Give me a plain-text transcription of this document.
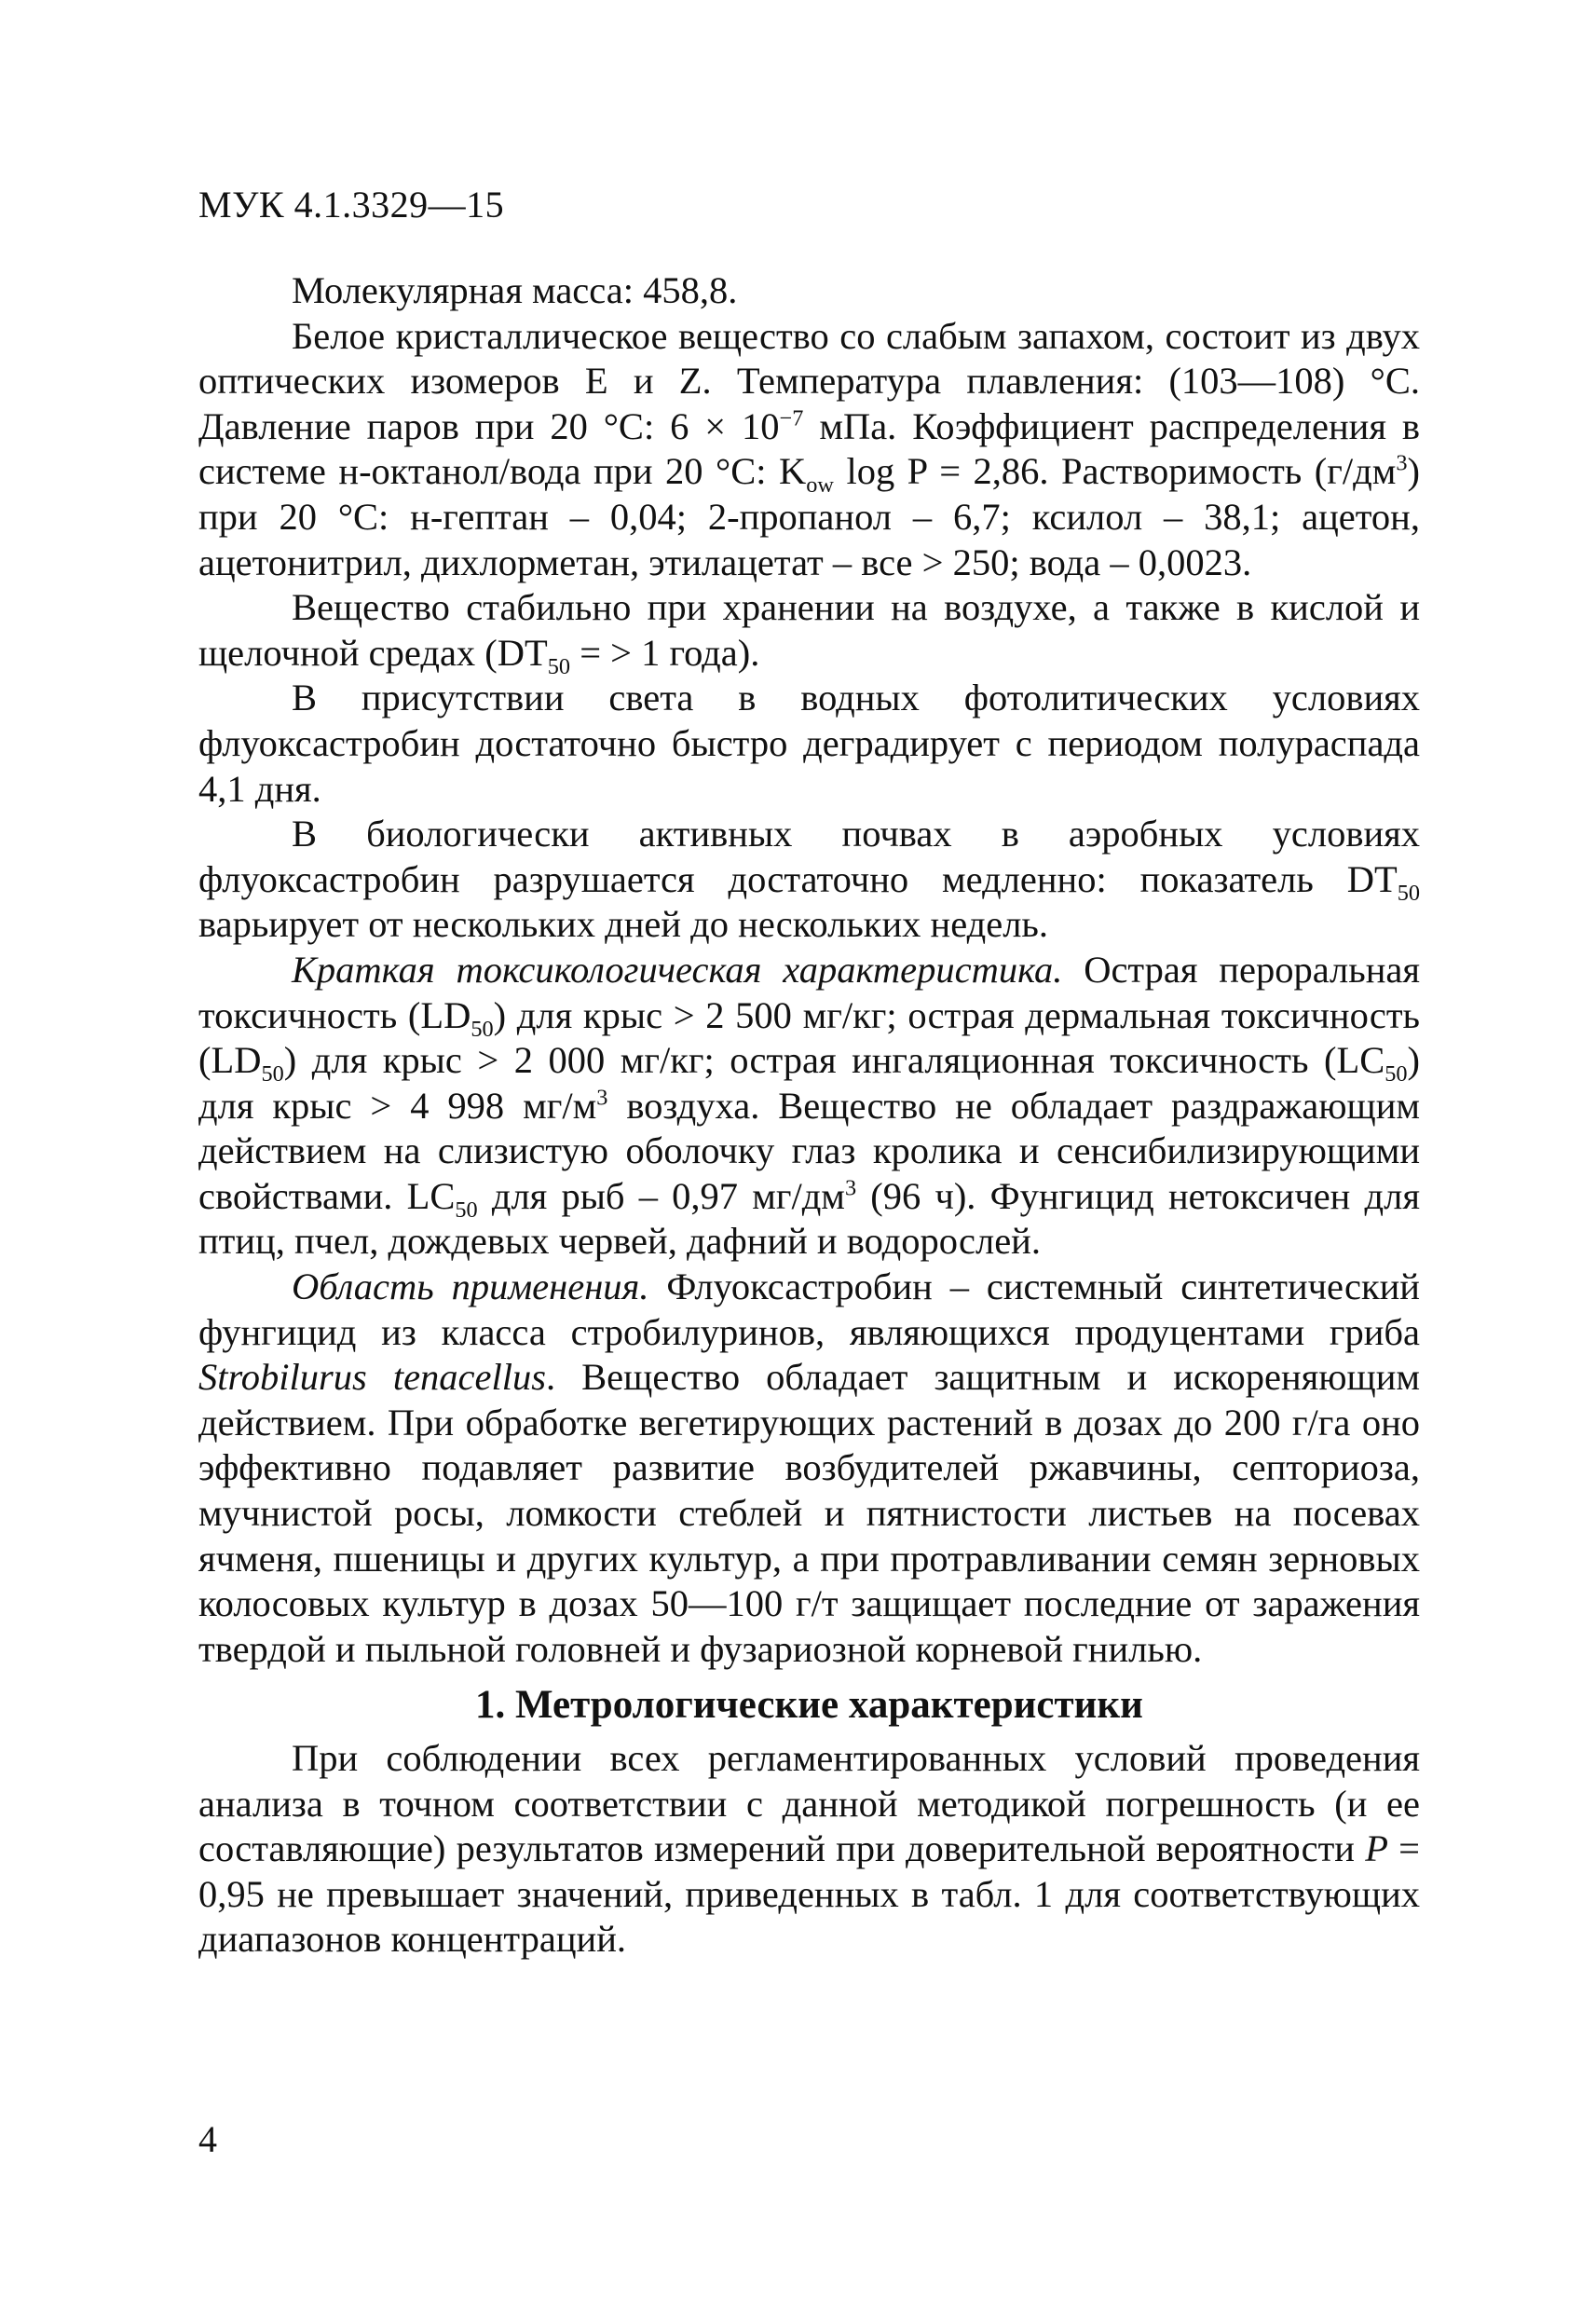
МУК 4.1.3329—15

Молекулярная масса: 458,8.

Белое кристаллическое вещество со слабым запахом, состоит из двух оптических изомеров E и Z. Температура плавления: (103—108) °С. Давление паров при 20 °С: $6 \times 10^{-7}$ мПа. Коэффициент распределения в системе н-октанол/вода при 20 °С: $K_{ow}$ log P = 2,86. Растворимость $(г/дм^3)$ при 20 °С: н-гептан – 0,04; 2-пропанол – 6,7; ксилол – 38,1; ацетон, ацетонитрил, дихлорметан, этилацетат – все > 250; вода – 0,0023.

Вещество стабильно при хранении на воздухе, а также в кислой и щелочной средах ($DT_{50}$ = > 1 года).

В присутствии света в водных фотолитических условиях флуоксастробин достаточно быстро деградирует с периодом полураспада 4,1 дня.

В биологически активных почвах в аэробных условиях флуоксастробин разрушается достаточно медленно: показатель $DT_{50}$ варьирует от нескольких дней до нескольких недель.

Краткая токсикологическая характеристика. Острая пероральная токсичность $(LD_{50})$ для крыс > 2 500 мг/кг; острая дермальная токсичность $(LD_{50})$ для крыс > 2 000 мг/кг; острая ингаляционная токсичность $(LC_{50})$ для крыс > 4 998 $мг/м^3$ воздуха. Вещество не обладает раздражающим действием на слизистую оболочку глаз кролика и сенсибилизирующими свойствами. $LC_{50}$ для рыб – 0,97 $мг/дм^3$ (96 ч). Фунгицид нетоксичен для птиц, пчел, дождевых червей, дафний и водорослей.

Область применения. Флуоксастробин – системный синтетический фунгицид из класса стробилуринов, являющихся продуцентами гриба Strobilurus tenacellus. Вещество обладает защитным и искореняющим действием. При обработке вегетирующих растений в дозах до 200 г/га оно эффективно подавляет развитие возбудителей ржавчины, септориоза, мучнистой росы, ломкости стеблей и пятнистости листьев на посевах ячменя, пшеницы и других культур, а при протравливании семян зерновых колосовых культур в дозах 50—100 г/т защищает последние от заражения твердой и пыльной головней и фузариозной корневой гнилью.

1. Метрологические характеристики

При соблюдении всех регламентированных условий проведения анализа в точном соответствии с данной методикой погрешность (и ее составляющие) результатов измерений при доверительной вероятности P = 0,95 не превышает значений, приведенных в табл. 1 для соответствующих диапазонов концентраций.

4
